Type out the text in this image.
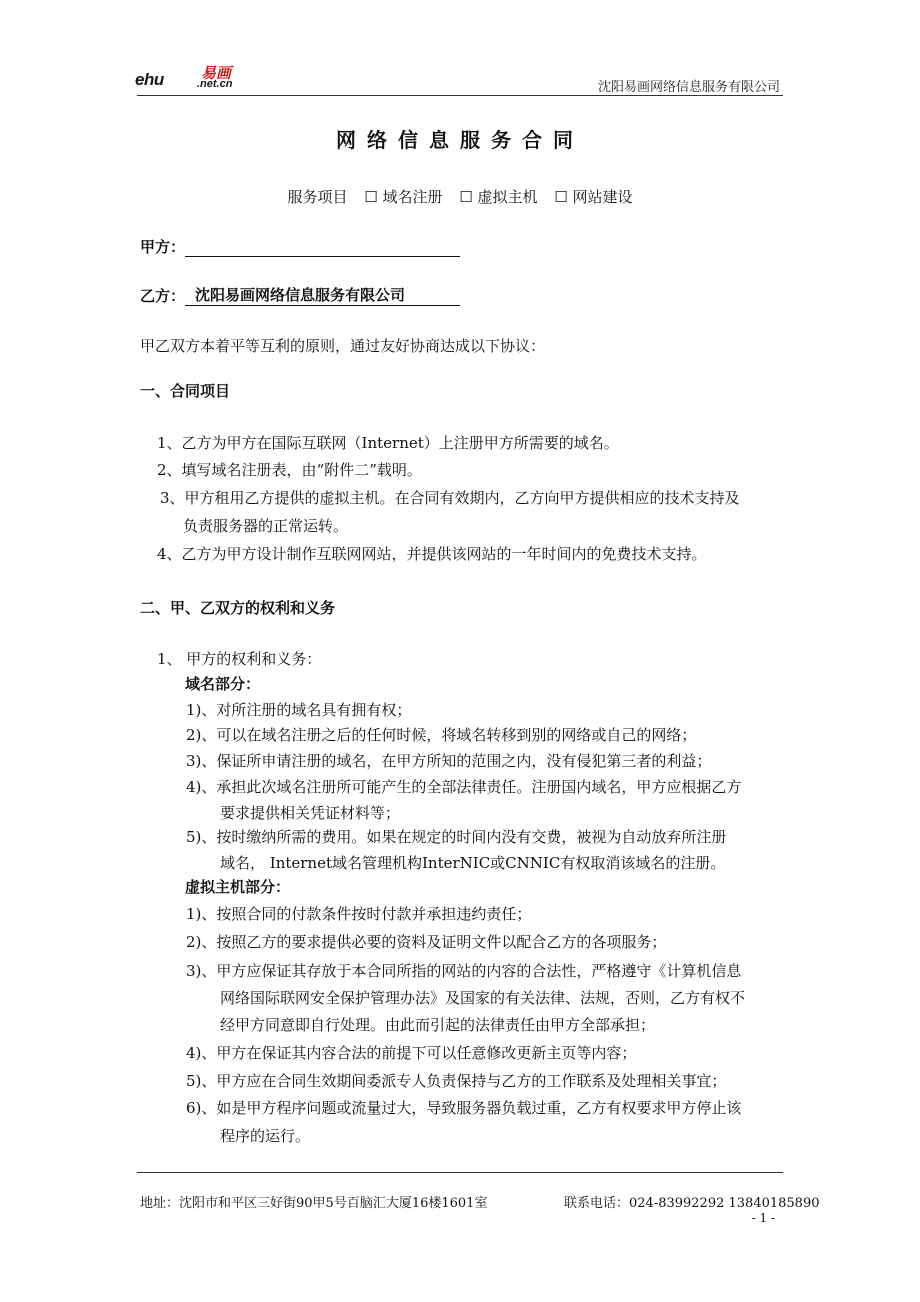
ehu 易画
.net.cn	沈阳易画网络信息服务有限公司
网络信息服务合同
服务项目 ☐ 域名注册 ☐ 虚拟主机 ☐ 网站建设
甲方：
乙方： 沈阳易画网络信息服务有限公司
甲乙双方本着平等互利的原则，通过友好协商达成以下协议：
一、合同项目
1、乙方为甲方在国际互联网（Internet）上注册甲方所需要的域名。
2、填写域名注册表，由“附件二”载明。
3、甲方租用乙方提供的虚拟主机。在合同有效期内，乙方向甲方提供相应的技术支持及
负责服务器的正常运转。
4、乙方为甲方设计制作互联网网站，并提供该网站的一年时间内的免费技术支持。
二、甲、乙双方的权利和义务
1、 甲方的权利和义务：
域名部分：
1)、对所注册的域名具有拥有权；
2)、可以在域名注册之后的任何时候，将域名转移到别的网络或自己的网络；
3)、保证所申请注册的域名，在甲方所知的范围之内，没有侵犯第三者的利益；
4)、承担此次域名注册所可能产生的全部法律责任。注册国内域名，甲方应根据乙方
要求提供相关凭证材料等；
5)、按时缴纳所需的费用。如果在规定的时间内没有交费，被视为自动放弃所注册
域名， Internet域名管理机构InterNIC或CNNIC有权取消该域名的注册。
虚拟主机部分：
1)、按照合同的付款条件按时付款并承担违约责任；
2)、按照乙方的要求提供必要的资料及证明文件以配合乙方的各项服务；
3)、甲方应保证其存放于本合同所指的网站的内容的合法性，严格遵守《计算机信息
网络国际联网安全保护管理办法》及国家的有关法律、法规，否则，乙方有权不
经甲方同意即自行处理。由此而引起的法律责任由甲方全部承担；
4)、甲方在保证其内容合法的前提下可以任意修改更新主页等内容；
5)、甲方应在合同生效期间委派专人负责保持与乙方的工作联系及处理相关事宜；
6)、如是甲方程序问题或流量过大，导致服务器负载过重，乙方有权要求甲方停止该
程序的运行。
地址：沈阳市和平区三好街90甲5号百脑汇大厦16楼1601室	联系电话：024-83992292 13840185890
- 1 -
